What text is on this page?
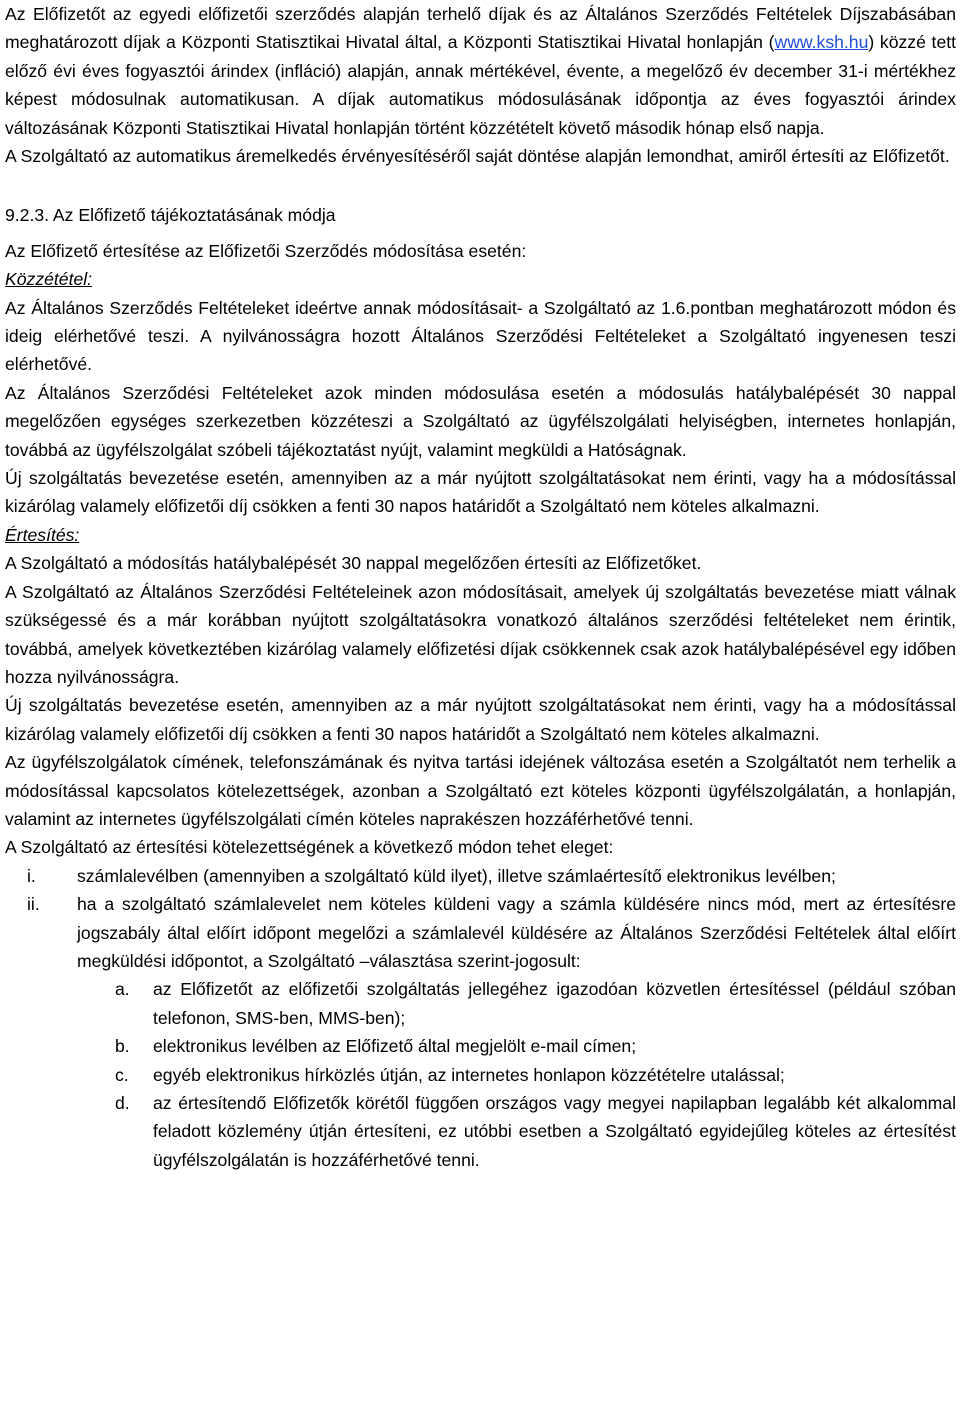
Az Előfizetőt az egyedi előfizetői szerződés alapján terhelő díjak és az Általános Szerződés Feltételek Díjszabásában meghatározott díjak a Központi Statisztikai Hivatal által, a Központi Statisztikai Hivatal honlapján (www.ksh.hu) közzé tett előző évi éves fogyasztói árindex (infláció) alapján, annak mértékével, évente, a megelőző év december 31-i mértékhez képest módosulnak automatikusan. A díjak automatikus módosulásának időpontja az éves fogyasztói árindex változásának Központi Statisztikai Hivatal honlapján történt közzétételt követő második hónap első napja.

A Szolgáltató az automatikus áremelkedés érvényesítéséről saját döntése alapján lemondhat, amiről értesíti az Előfizetőt.

9.2.3. Az Előfizető tájékoztatásának módja

Az Előfizető értesítése az Előfizetői Szerződés módosítása esetén:

Közzététel:

Az Általános Szerződés Feltételeket ideértve annak módosításait- a Szolgáltató az 1.6.pontban meghatározott módon és ideig elérhetővé teszi. A nyilvánosságra hozott Általános Szerződési Feltételeket a Szolgáltató ingyenesen teszi elérhetővé.

Az Általános Szerződési Feltételeket azok minden módosulása esetén a módosulás hatálybalépését 30 nappal megelőzően egységes szerkezetben közzéteszi a Szolgáltató az ügyfélszolgálati helyiségben, internetes honlapján, továbbá az ügyfélszolgálat szóbeli tájékoztatást nyújt, valamint megküldi a Hatóságnak.

Új szolgáltatás bevezetése esetén, amennyiben az a már nyújtott szolgáltatásokat nem érinti, vagy ha a módosítással kizárólag valamely előfizetői díj csökken a fenti 30 napos határidőt a Szolgáltató nem köteles alkalmazni.

Értesítés:

A Szolgáltató a módosítás hatálybalépését 30 nappal megelőzően értesíti az Előfizetőket.

A Szolgáltató az Általános Szerződési Feltételeinek azon módosításait, amelyek új szolgáltatás bevezetése miatt válnak szükségessé és a már korábban nyújtott szolgáltatásokra vonatkozó általános szerződési feltételeket nem érintik, továbbá, amelyek következtében kizárólag valamely előfizetési díjak csökkennek csak azok hatálybalépésével egy időben hozza nyilvánosságra.

Új szolgáltatás bevezetése esetén, amennyiben az a már nyújtott szolgáltatásokat nem érinti, vagy ha a módosítással kizárólag valamely előfizetői díj csökken a fenti 30 napos határidőt a Szolgáltató nem köteles alkalmazni.

Az ügyfélszolgálatok címének, telefonszámának és nyitva tartási idejének változása esetén a Szolgáltatót nem terhelik a módosítással kapcsolatos kötelezettségek, azonban a Szolgáltató ezt köteles központi ügyfélszolgálatán, a honlapján, valamint az internetes ügyfélszolgálati címén köteles naprakészen hozzáférhetővé tenni.

A Szolgáltató az értesítési kötelezettségének a következő módon tehet eleget:

i.	számlalevélben (amennyiben a szolgáltató küld ilyet), illetve számlaértesítő elektronikus levélben;

ii.	ha a szolgáltató számlalevelet nem köteles küldeni vagy a számla küldésére nincs mód, mert az értesítésre jogszabály által előírt időpont megelőzi a számlalevél küldésére az Általános Szerződési Feltételek által előírt megküldési időpontot, a Szolgáltató –választása szerint-jogosult:

a.	az Előfizetőt az előfizetői szolgáltatás jellegéhez igazodóan közvetlen értesítéssel (például szóban telefonon, SMS-ben, MMS-ben);

b.	elektronikus levélben az Előfizető által megjelölt e-mail címen;

c.	egyéb elektronikus hírközlés útján, az internetes honlapon közzétételre utalással;

d.	az értesítendő Előfizetők körétől függően országos vagy megyei napilapban legalább két alkalommal feladott közlemény útján értesíteni, ez utóbbi esetben a Szolgáltató egyidejűleg köteles az értesítést ügyfélszolgálatán is hozzáférhetővé tenni.
